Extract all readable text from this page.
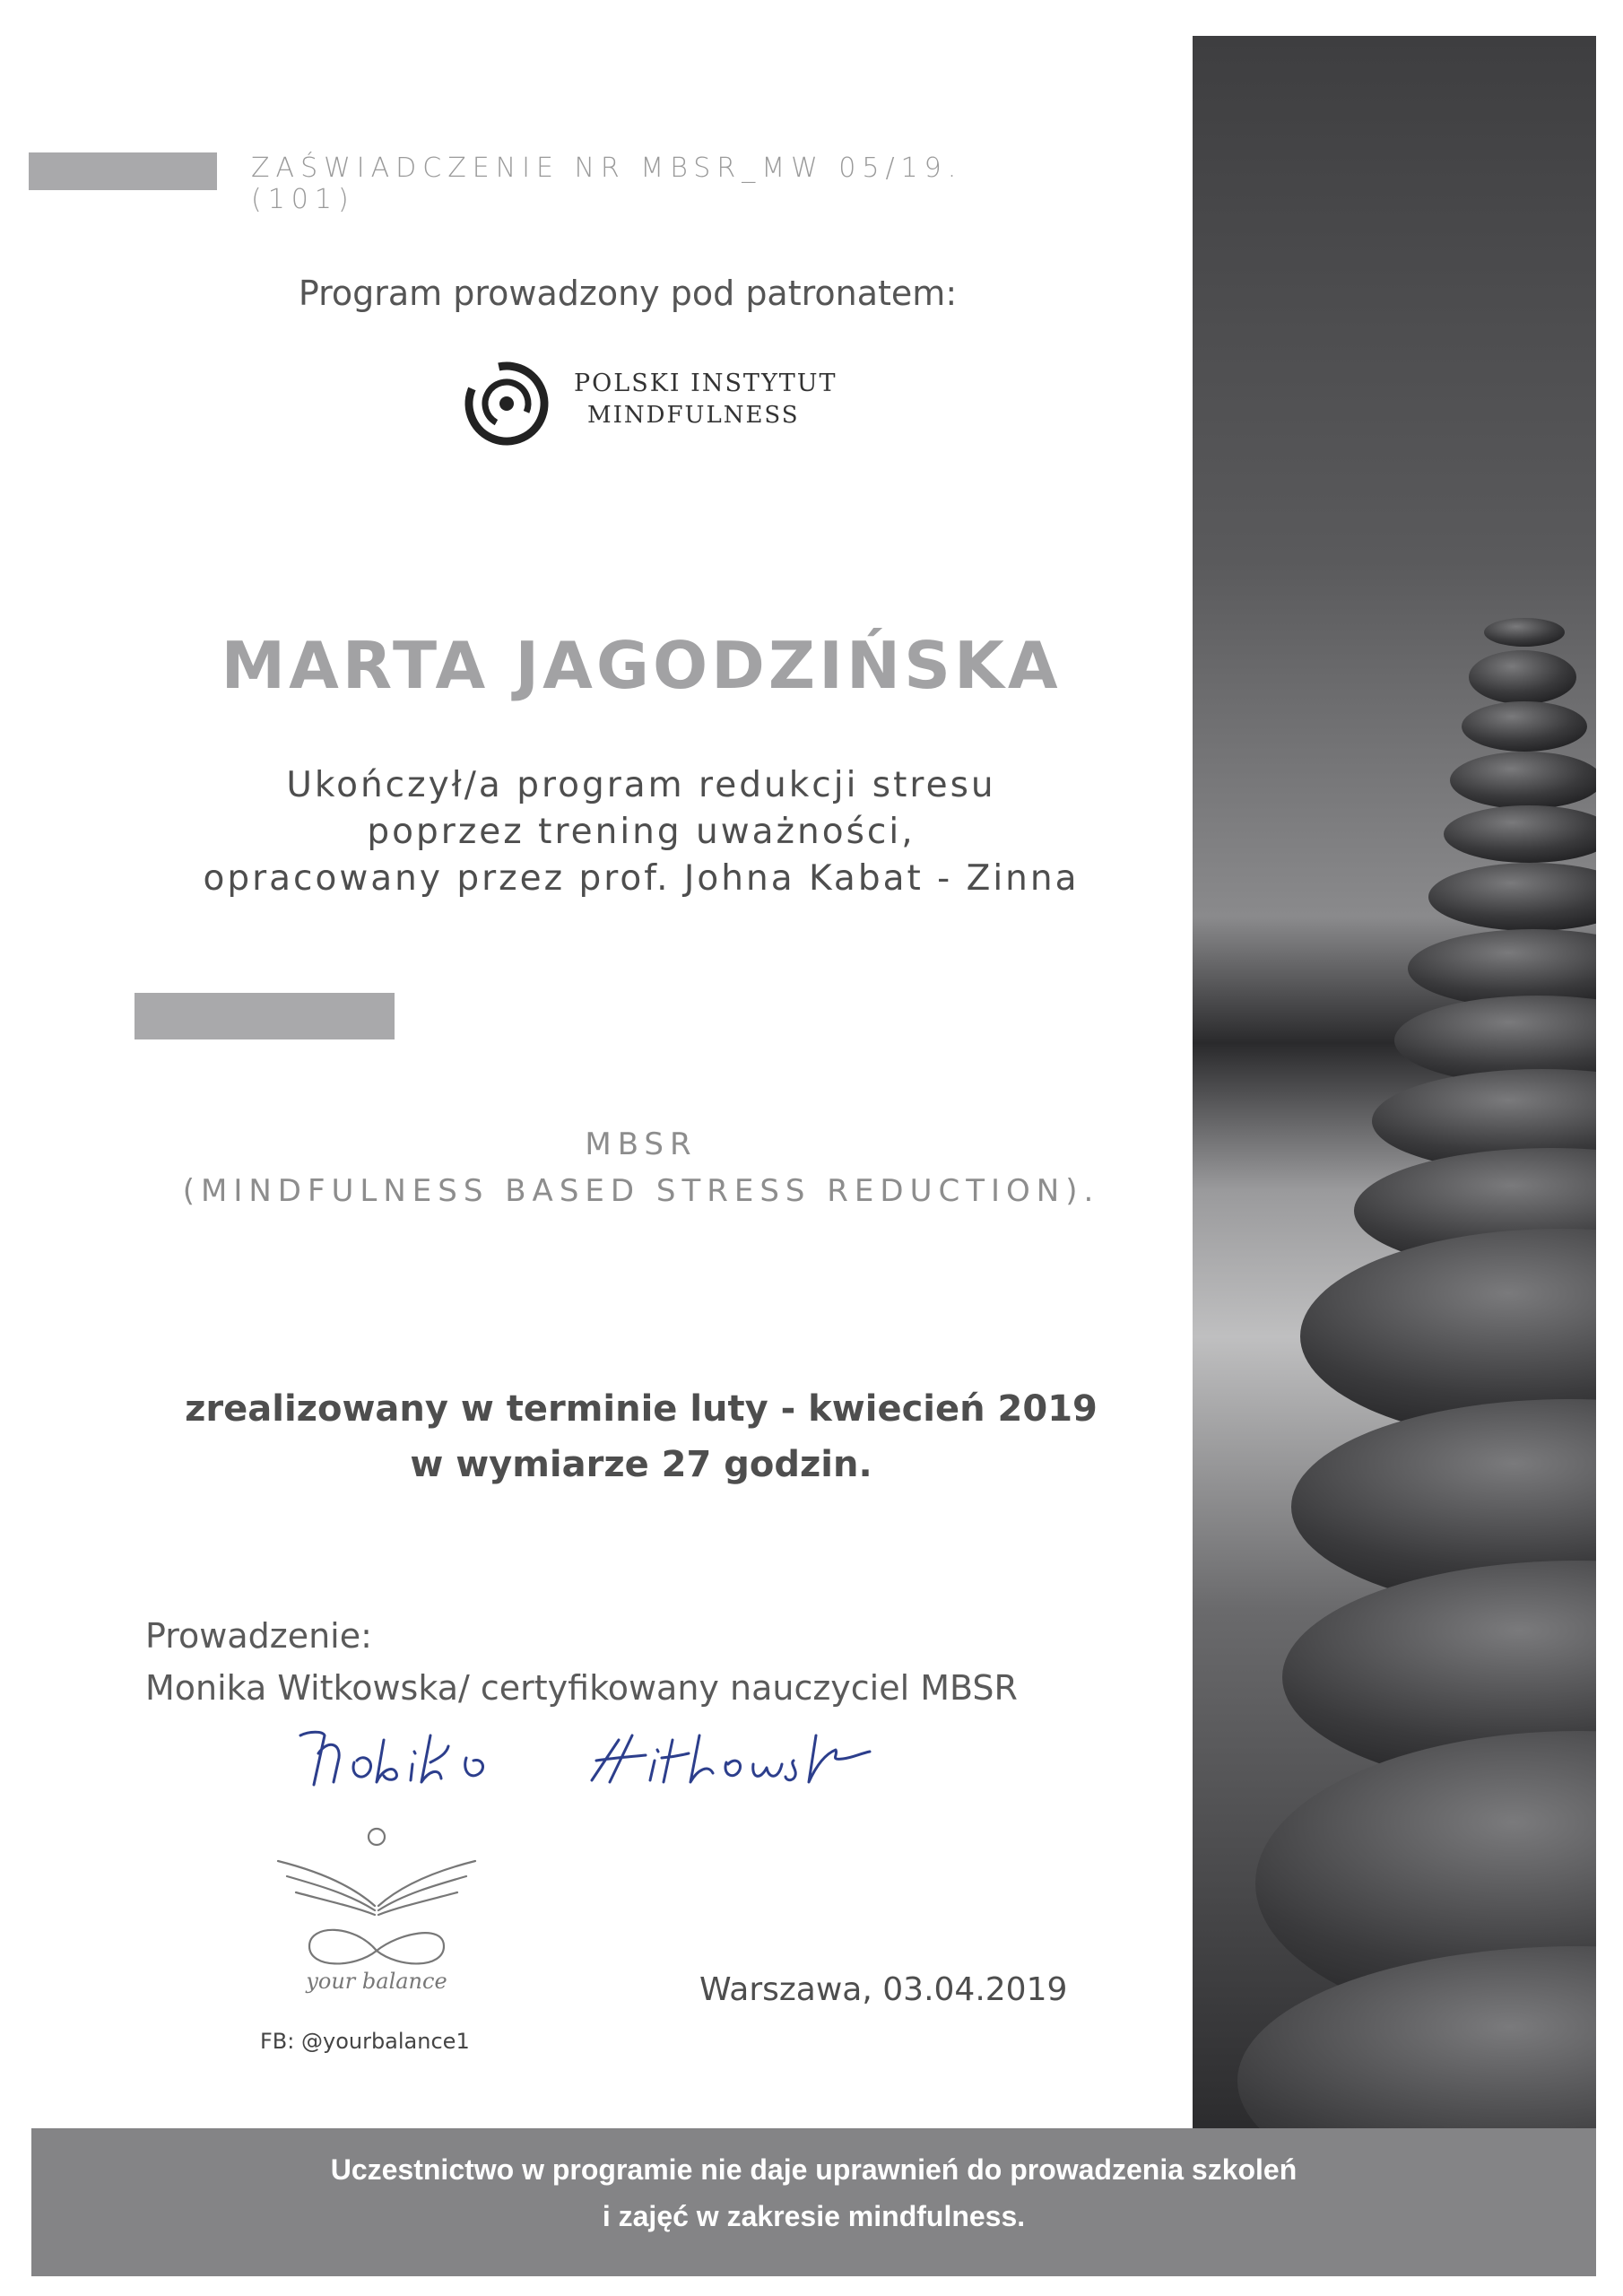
ZAŚWIADCZENIE NR MBSR_MW 05/19. (101)
Program prowadzony pod patronatem:
POLSKI INSTYTUT
MINDFULNESS
MARTA JAGODZIŃSKA
Ukończył/a program redukcji stresu
poprzez trening uważności,
opracowany przez prof. Johna Kabat - Zinna
MBSR
(MINDFULNESS BASED STRESS REDUCTION).
zrealizowany w terminie luty - kwiecień 2019
w wymiarze 27 godzin.
Prowadzenie:
Monika Witkowska/ certyfikowany nauczyciel MBSR
your balance
FB: @yourbalance1
Warszawa, 03.04.2019
Uczestnictwo w programie nie daje uprawnień do prowadzenia szkoleń
i zajęć w zakresie mindfulness.
